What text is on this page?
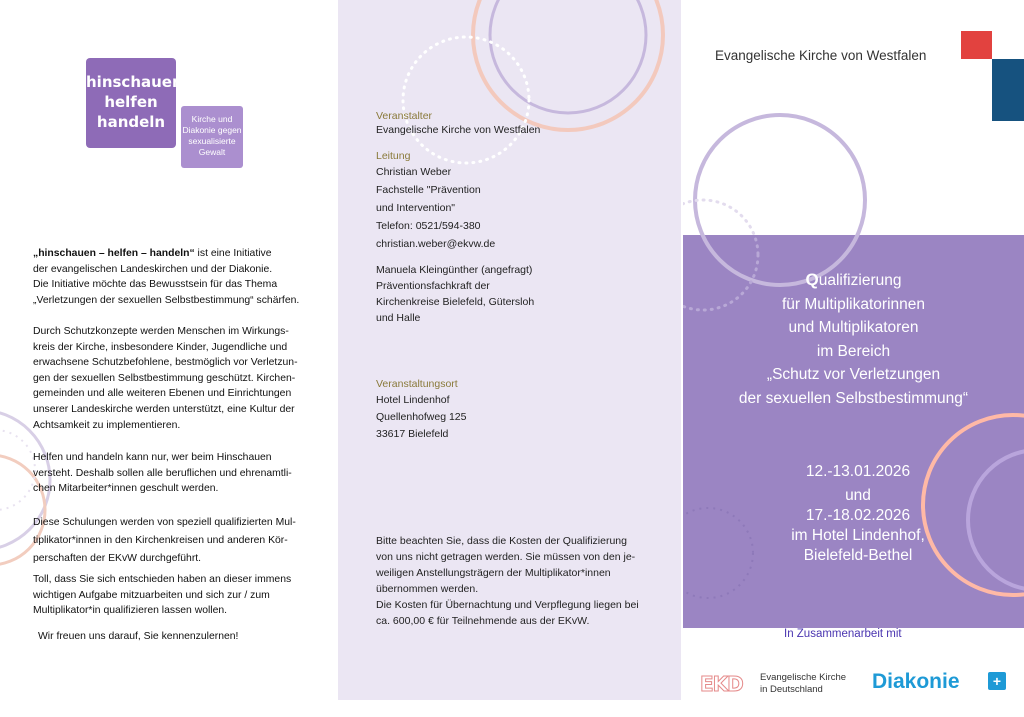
hinschauen
helfen
handeln	Kirche und
Diakonie gegen
sexualisierte
Gewalt
„hinschauen – helfen – handeln“ ist eine Initiative
der evangelischen Landeskirchen und der Diakonie.
Die Initiative möchte das Bewusstsein für das Thema
„Verletzungen der sexuellen Selbstbestimmung“ schärfen.
Durch Schutzkonzepte werden Menschen im Wirkungs-
kreis der Kirche, insbesondere Kinder, Jugendliche und
erwachsene Schutzbefohlene, bestmöglich vor Verletzun-
gen der sexuellen Selbstbestimmung geschützt. Kirchen-
gemeinden und alle weiteren Ebenen und Einrichtungen
unserer Landeskirche werden unterstützt, eine Kultur der
Achtsamkeit zu implementieren.
Helfen und handeln kann nur, wer beim Hinschauen
versteht. Deshalb sollen alle beruflichen und ehrenamtli-
chen Mitarbeiter*innen geschult werden.
Diese Schulungen werden von speziell qualifizierten Mul-
tiplikator*innen in den Kirchenkreisen und anderen Kör-
perschaften der EKvW durchgeführt.
Toll, dass Sie sich entschieden haben an dieser immens
wichtigen Aufgabe mitzuarbeiten und sich zur / zum
Multiplikator*in qualifizieren lassen wollen.
Wir freuen uns darauf, Sie kennenzulernen!
Veranstalter
Evangelische Kirche von Westfalen
Leitung
Christian Weber
Fachstelle "Prävention
und Intervention"
Telefon: 0521/594-380
christian.weber@ekvw.de
Manuela Kleingünther (angefragt)
Präventionsfachkraft der
Kirchenkreise Bielefeld, Gütersloh
und Halle
Veranstaltungsort
Hotel Lindenhof
Quellenhofweg 125
33617 Bielefeld
Bitte beachten Sie, dass die Kosten der Qualifizierung
von uns nicht getragen werden. Sie müssen von den je-
weiligen Anstellungsträgern der Multiplikator*innen
übernommen werden.
Die Kosten für Übernachtung und Verpflegung liegen bei
ca. 600,00 € für Teilnehmende aus der EKvW.
Evangelische Kirche von Westfalen
Qualifizierung
für Multiplikatorinnen
und Multiplikatoren
im Bereich
„Schutz vor Verletzungen
der sexuellen Selbstbestimmung“
12.-13.01.2026
und
17.-18.02.2026
im Hotel Lindenhof,
Bielefeld-Bethel
In Zusammenarbeit mit
EKD Evangelische Kirche
in Deutschland	Diakonie	+
